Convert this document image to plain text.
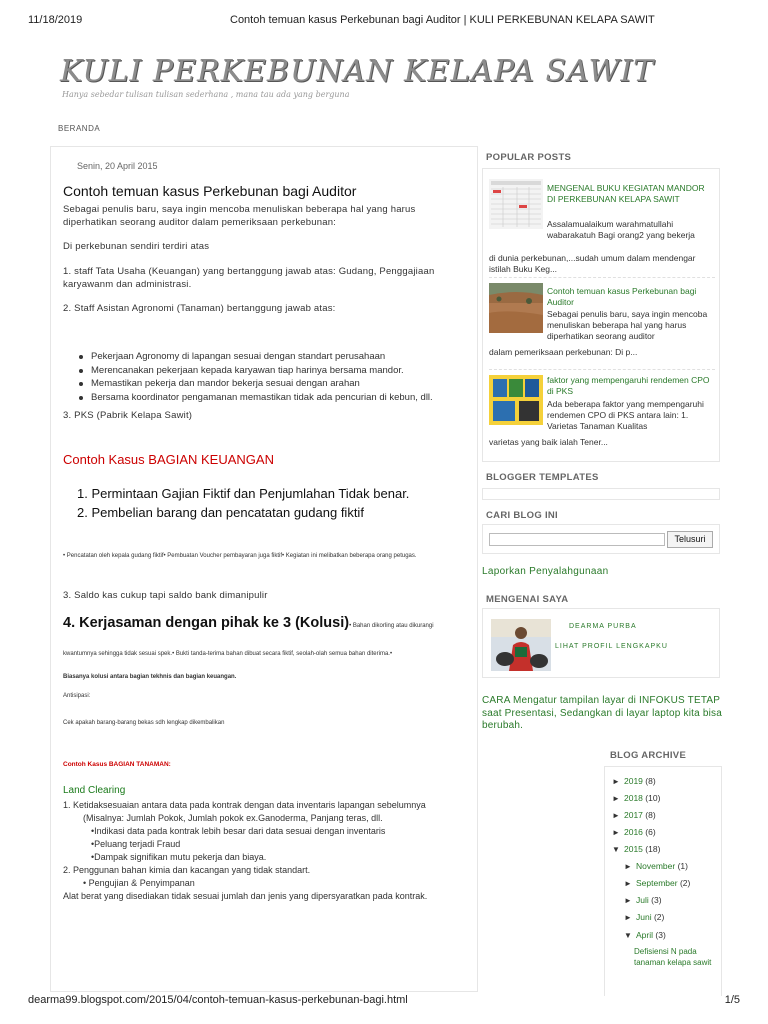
11/18/2019	Contoh temuan kasus Perkebunan bagi Auditor | KULI PERKEBUNAN KELAPA SAWIT
KULI PERKEBUNAN KELAPA SAWIT
Hanya sebedar tulisan tulisan sederhana , mana tau ada yang berguna
BERANDA
Senin, 20 April 2015
Contoh temuan kasus Perkebunan bagi Auditor
Sebagai penulis baru, saya ingin mencoba menuliskan beberapa hal yang harus diperhatikan seorang auditor dalam pemeriksaan perkebunan:
Di perkebunan sendiri terdiri atas
1. staff Tata Usaha (Keuangan) yang bertanggung jawab atas: Gudang, Penggajiaan karyawanm dan administrasi.
2. Staff Asistan Agronomi (Tanaman) bertanggung jawab atas:
Pekerjaan Agronomy di lapangan sesuai dengan standart perusahaan
Merencanakan pekerjaan kepada karyawan tiap harinya bersama mandor.
Memastikan pekerja dan mandor bekerja sesuai dengan arahan
Bersama koordinator pengamanan memastikan tidak ada pencurian di kebun, dll.
3. PKS (Pabrik Kelapa Sawit)
Contoh Kasus BAGIAN KEUANGAN
1. Permintaan Gajian Fiktif dan Penjumlahan Tidak benar.
2. Pembelian barang dan pencatatan gudang fiktif
• Pencatatan oleh kepala gudang fiktif• Pembuatan Voucher pembayaran juga fiktif• Kegiatan ini melibatkan beberapa orang petugas.
3. Saldo kas cukup tapi saldo bank dimanipulir
4. Kerjasaman dengan pihak ke 3 (Kolusi)• Bahan dikorling atau dikurangi
kwantumnya sehingga tidak sesuai spek.• Bukti tanda-terima bahan dibuat secara fiktif, seolah-olah semua bahan diterima.•
Biasanya kolusi antara bagian tekhnis dan bagian keuangan.
Antisipasi:
Cek apakah barang-barang bekas sdh lengkap dikembalikan
Contoh Kasus BAGIAN TANAMAN:
Land Clearing
1. Ketidaksesuaian antara data pada kontrak dengan data inventaris lapangan sebelumnya
(Misalnya: Jumlah Pokok, Jumlah pokok ex.Ganoderma, Panjang teras, dll.
•Indikasi data pada kontrak lebih besar dari data sesuai dengan inventaris
•Peluang terjadi Fraud
•Dampak signifikan mutu pekerja dan biaya.
2. Penggunan bahan kimia dan kacangan yang tidak standart.
• Pengujian & Penyimpanan
Alat berat yang disediakan tidak sesuai jumlah dan jenis yang dipersyaratkan pada kontrak.
POPULAR POSTS
MENGENAL BUKU KEGIATAN MANDOR DI PERKEBUNAN KELAPA SAWIT
Assalamualaikum warahmatullahi wabarakatuh Bagi orang2 yang bekerja
di dunia perkebunan,...sudah umum dalam mendengar istilah Buku Keg...
Contoh temuan kasus Perkebunan bagi Auditor
Sebagai penulis baru, saya ingin mencoba menuliskan beberapa hal yang harus diperhatikan seorang auditor
dalam pemeriksaan perkebunan: Di p...
faktor yang mempengaruhi rendemen CPO di PKS
Ada beberapa faktor yang mempengaruhi rendemen CPO di PKS antara lain: 1. Varietas Tanaman Kualitas
varietas yang baik ialah Tener...
BLOGGER TEMPLATES
CARI BLOG INI
Telusuri
Laporkan Penyalahgunaan
MENGENAI SAYA
DEARMA PURBA
LIHAT PROFIL LENGKAPKU
CARA Mengatur tampilan layar di INFOKUS TETAP saat Presentasi, Sedangkan di layar laptop kita bisa berubah.
BLOG ARCHIVE
► 2019 (8)
► 2018 (10)
► 2017 (8)
► 2016 (6)
▼ 2015 (18)
► November (1)
► September (2)
► Juli (3)
► Juni (2)
▼ April (3)
Defisiensi N pada tanaman kelapa sawit
dearma99.blogspot.com/2015/04/contoh-temuan-kasus-perkebunan-bagi.html	1/5
